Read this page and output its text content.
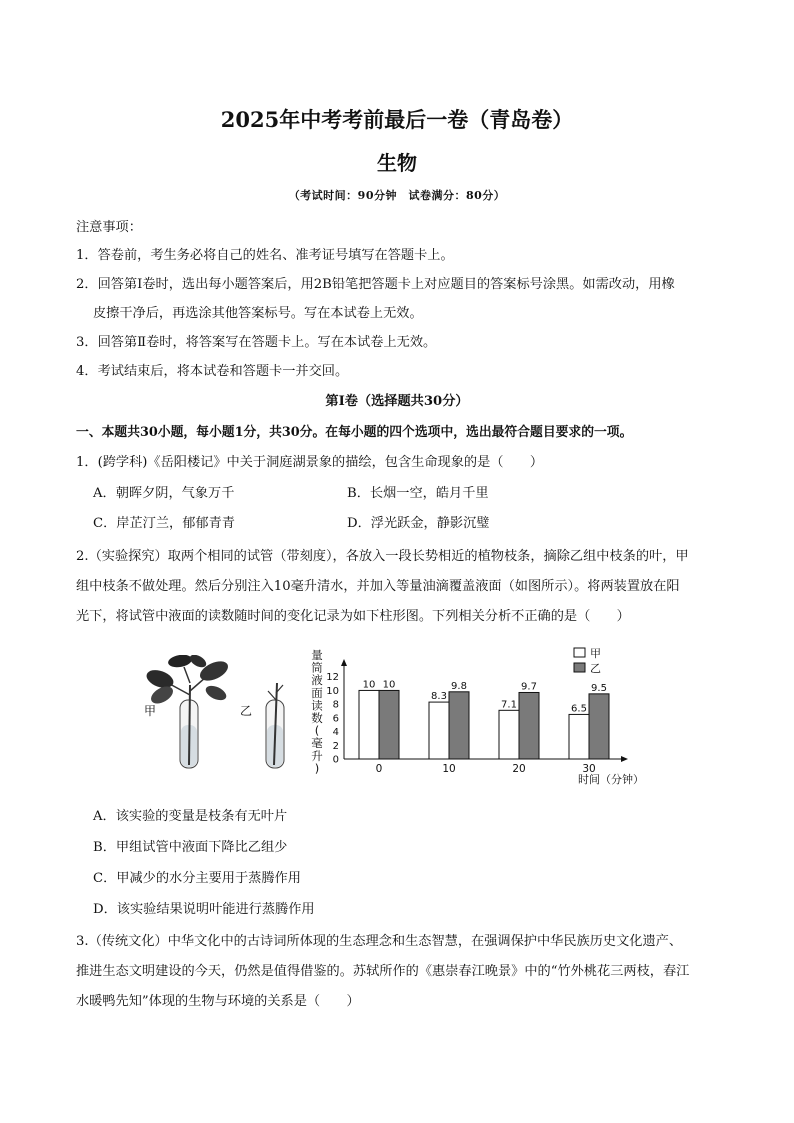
2025年中考考前最后一卷（青岛卷）
生物
（考试时间：90分钟　试卷满分：80分）
注意事项：
1．答卷前，考生务必将自己的姓名、准考证号填写在答题卡上。
2．回答第Ⅰ卷时，选出每小题答案后，用2B铅笔把答题卡上对应题目的答案标号涂黑。如需改动，用橡
皮擦干净后，再选涂其他答案标号。写在本试卷上无效。
3．回答第Ⅱ卷时，将答案写在答题卡上。写在本试卷上无效。
4．考试结束后，将本试卷和答题卡一并交回。
第Ⅰ卷（选择题共30分）
一、本题共30小题，每小题1分，共30分。在每小题的四个选项中，选出最符合题目要求的一项。
1．(跨学科)《岳阳楼记》中关于洞庭湖景象的描绘，包含生命现象的是（　　）
A．朝晖夕阴，气象万千	B．长烟一空，皓月千里
C．岸芷汀兰，郁郁青青	D．浮光跃金，静影沉璧
2.（实验探究）取两个相同的试管（带刻度），各放入一段长势相近的植物枝条，摘除乙组中枝条的叶，甲
组中枝条不做处理。然后分别注入10毫升清水，并加入等量油滴覆盖液面（如图所示）。将两装置放在阳
光下，将试管中液面的读数随时间的变化记录为如下柱形图。下列相关分析不正确的是（　　）
甲	乙
量
筒
液
面
读
数
(
毫
升
)
0
2
4
6
8
10
12
10 10
8.3
9.8
7.1
9.7
6.5
9.5
0	10	20	30
甲
乙
时间（分钟）
A．该实验的变量是枝条有无叶片
B．甲组试管中液面下降比乙组少
C．甲减少的水分主要用于蒸腾作用
D．该实验结果说明叶能进行蒸腾作用
3.（传统文化）中华文化中的古诗词所体现的生态理念和生态智慧，在强调保护中华民族历史文化遗产、
推进生态文明建设的今天，仍然是值得借鉴的。苏轼所作的《惠崇春江晚景》中的“竹外桃花三两枝，春江
水暖鸭先知”体现的生物与环境的关系是（　　）
